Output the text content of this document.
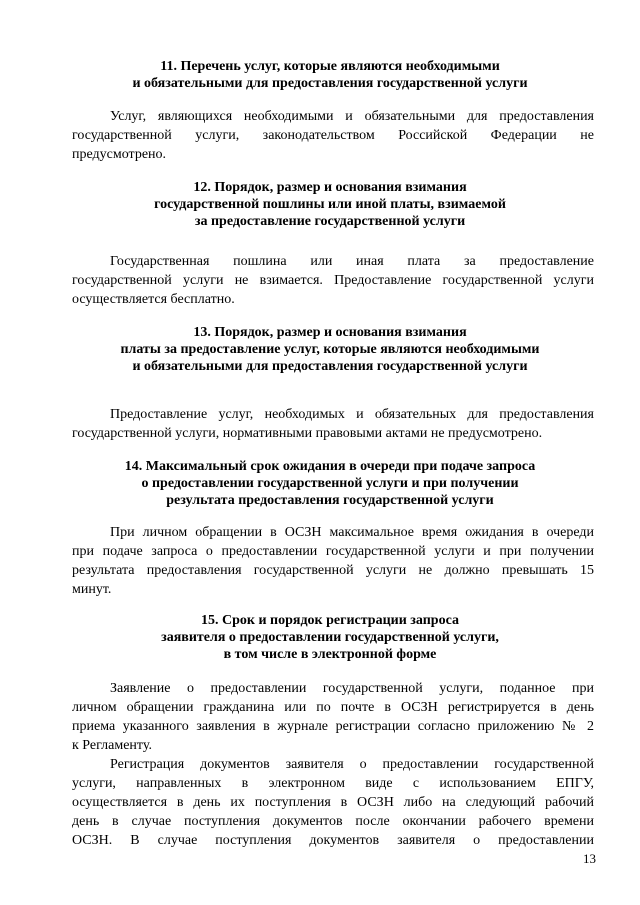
11. Перечень услуг, которые являются необходимыми
и обязательными для предоставления государственной услуги
Услуг, являющихся необходимыми и обязательными для предоставления
государственной услуги, законодательством Российской Федерации не
предусмотрено.
12. Порядок, размер и основания взимания
государственной пошлины или иной платы, взимаемой
за предоставление государственной услуги
Государственная пошлина или иная плата за предоставление
государственной услуги не взимается. Предоставление государственной услуги
осуществляется бесплатно.
13. Порядок, размер и основания взимания
платы за предоставление услуг, которые являются необходимыми
и обязательными для предоставления государственной услуги
Предоставление услуг, необходимых и обязательных для предоставления
государственной услуги, нормативными правовыми актами не предусмотрено.
14. Максимальный срок ожидания в очереди при подаче запроса
о предоставлении государственной услуги и при получении
результата предоставления государственной услуги
При личном обращении в ОСЗН максимальное время ожидания в очереди
при подаче запроса о предоставлении государственной услуги и при получении
результата предоставления государственной услуги не должно превышать 15
минут.
15. Срок и порядок регистрации запроса
заявителя о предоставлении государственной услуги,
в том числе в электронной форме
Заявление о предоставлении государственной услуги, поданное при
личном обращении гражданина или по почте в ОСЗН регистрируется в день
приема указанного заявления в журнале регистрации согласно приложению № 2
к Регламенту.
Регистрация документов заявителя о предоставлении государственной
услуги, направленных в электронном виде с использованием ЕПГУ,
осуществляется в день их поступления в ОСЗН либо на следующий рабочий
день в случае поступления документов после окончании рабочего времени
ОСЗН. В случае поступления документов заявителя о предоставлении
13
